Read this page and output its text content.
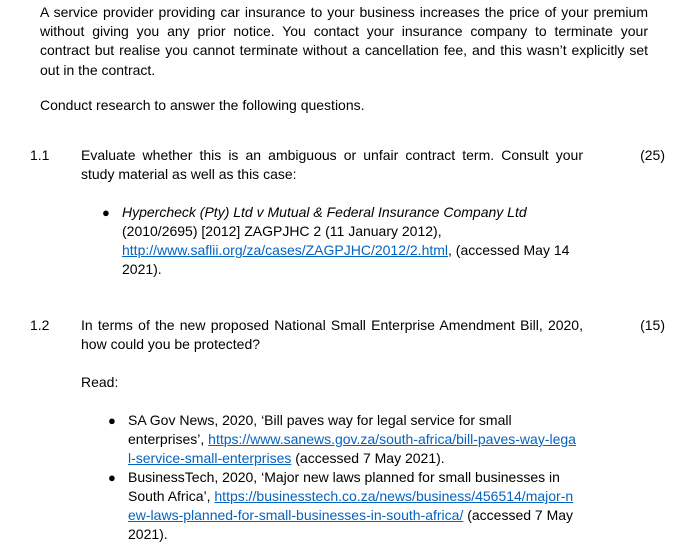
A service provider providing car insurance to your business increases the price of your premium without giving you any prior notice. You contact your insurance company to terminate your contract but realise you cannot terminate without a cancellation fee, and this wasn’t explicitly set out in the contract.

Conduct research to answer the following questions.
1.1 Evaluate whether this is an ambiguous or unfair contract term. Consult your study material as well as this case:
(25)
● Hypercheck (Pty) Ltd v Mutual & Federal Insurance Company Ltd
(2010/2695) [2012] ZAGPJHC 2 (11 January 2012),
http://www.saflii.org/za/cases/ZAGPJHC/2012/2.html, (accessed May 14 2021).
1.2 In terms of the new proposed National Small Enterprise Amendment Bill, 2020, how could you be protected?
(15)
Read:
● SA Gov News, 2020, ‘Bill paves way for legal service for small enterprises’, https://www.sanews.gov.za/south-africa/bill-paves-way-legal-service-small-enterprises (accessed 7 May 2021).
● BusinessTech, 2020, ‘Major new laws planned for small businesses in South Africa’, https://businesstech.co.za/news/business/456514/major-new-laws-planned-for-small-businesses-in-south-africa/ (accessed 7 May 2021).
